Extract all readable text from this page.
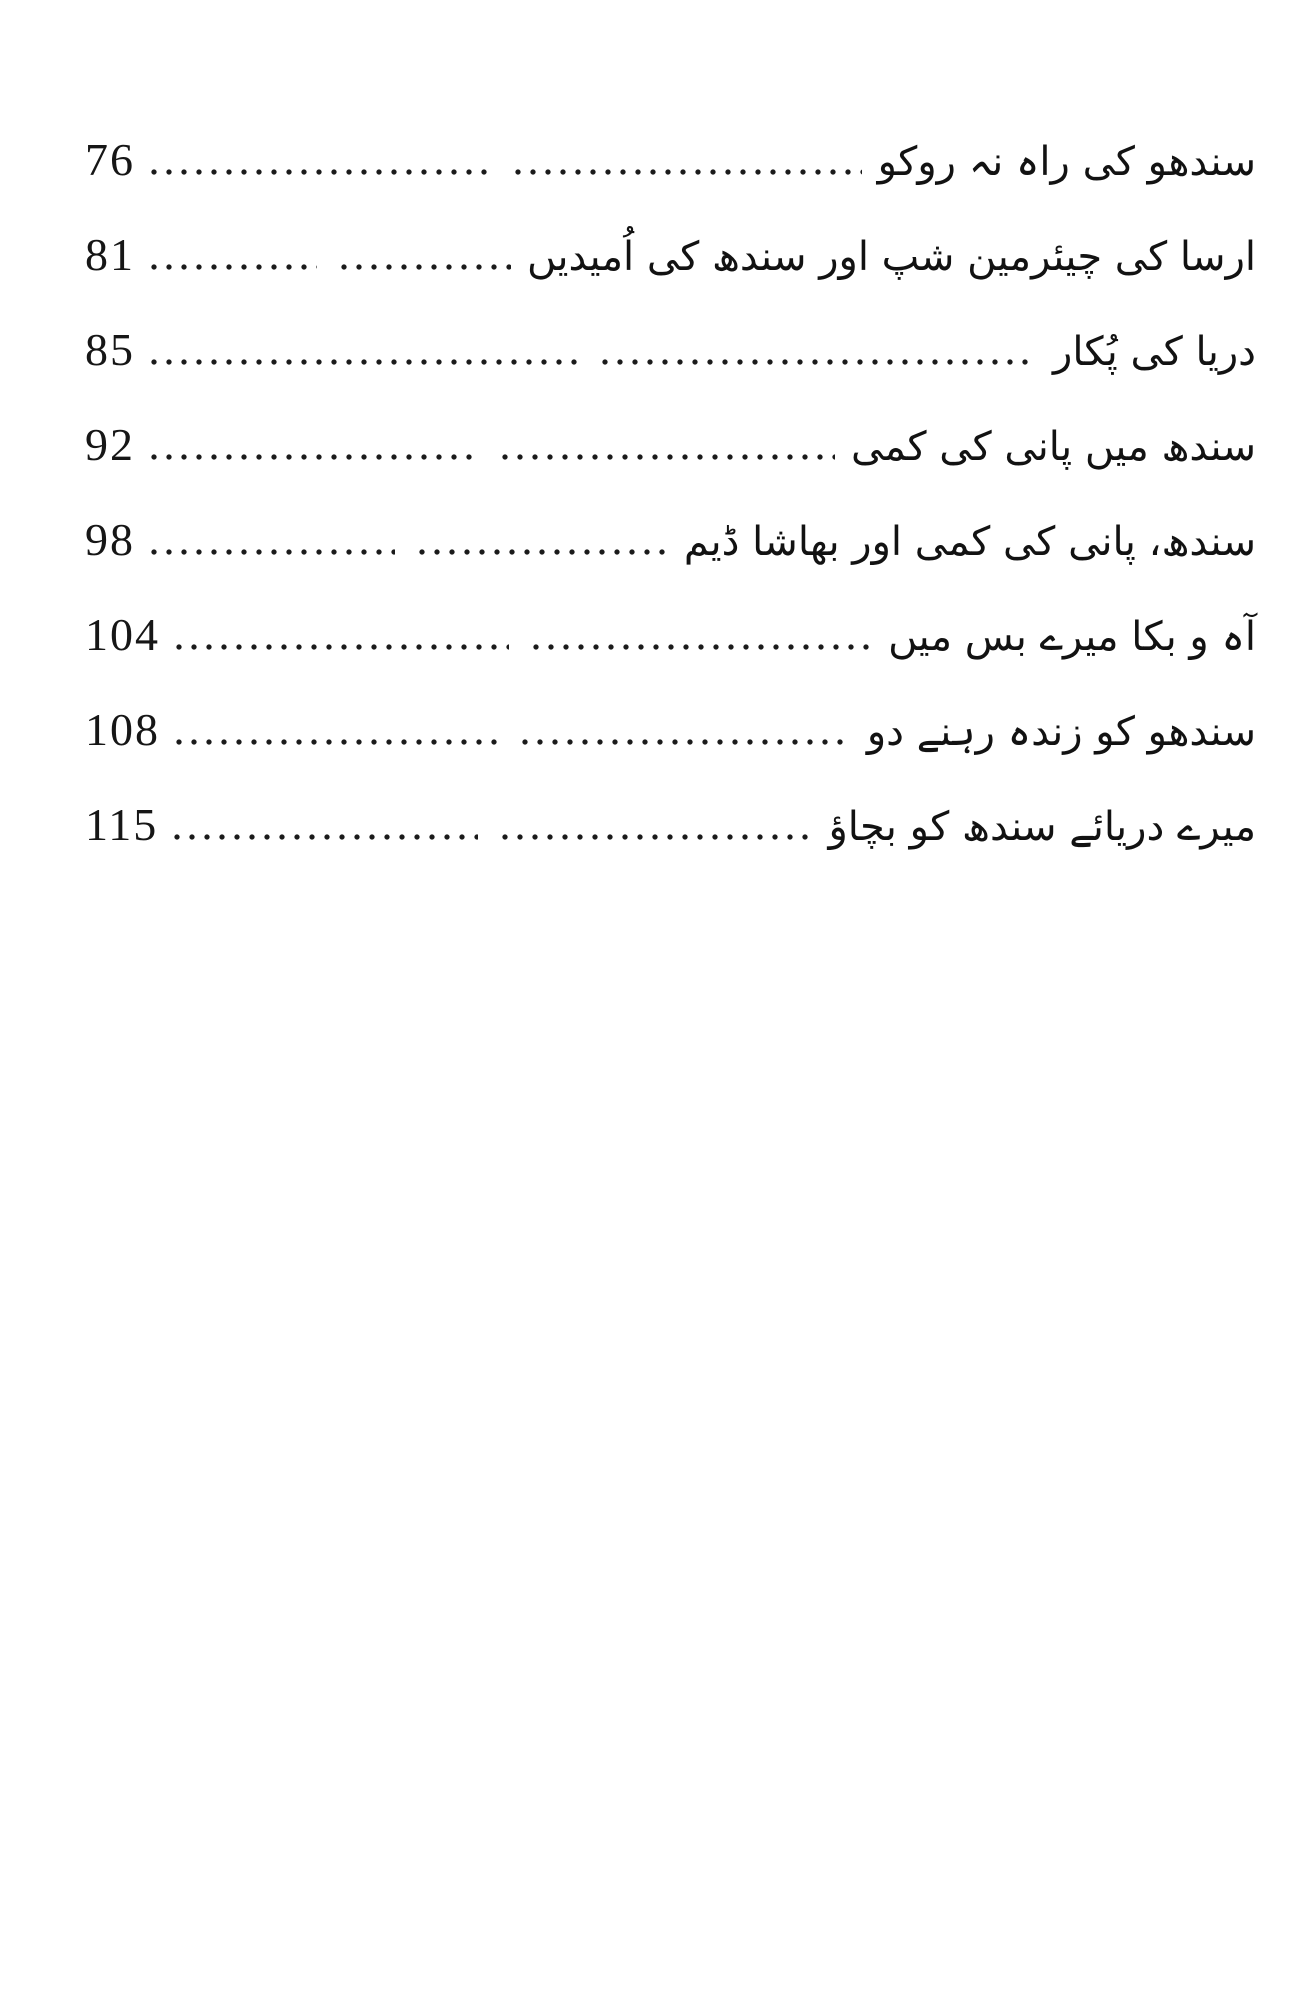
76	سندھو کی راہ نہ روکو
81	ارسا کی چیئرمین شپ اور سندھ کی اُمیدیں
85	دریا کی پُکار
92	سندھ میں پانی کی کمی
98	سندھ، پانی کی کمی اور بھاشا ڈیم
104	آہ و بکا میرے بس میں
108	سندھو کو زندہ رہنے دو
115	میرے دریائے سندھ کو بچاؤ
